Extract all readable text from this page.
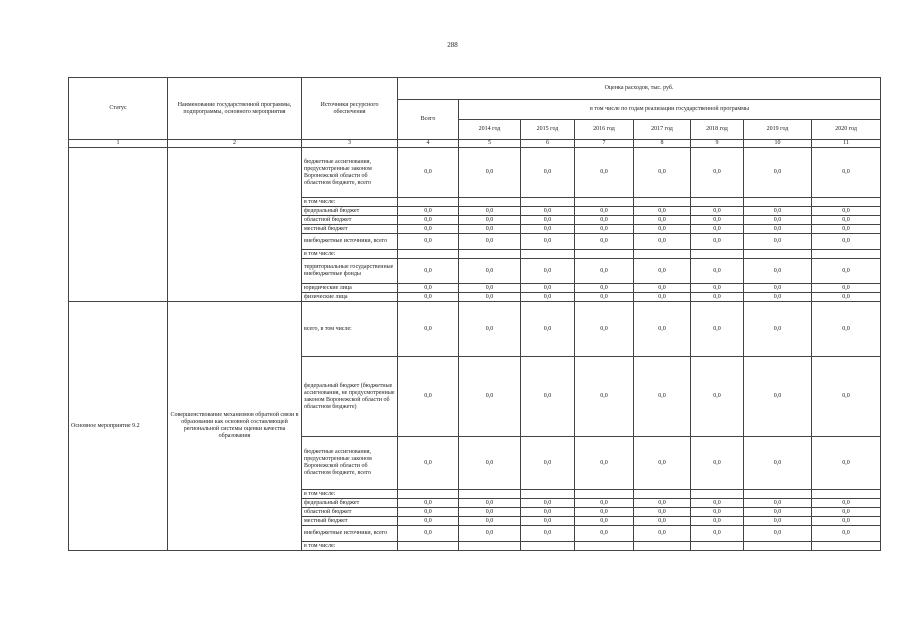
288
Статус	Наименование государственной программы, подпрограммы, основного мероприятия	Источники ресурсного обеспечения	Оценка расходов, тыс. руб.							
			Всего	в том числе по годам реализации государственной программы						
				2014 год	2015 год	2016 год	2017 год	2018 год	2019 год	2020 год
1	2	3	4	5	6	7	8	9	10	11
		бюджетные ассигнования, предусмотренные законом Воронежской области об областном бюджете, всего	0,0	0,0	0,0	0,0	0,0	0,0	0,0	0,0
		в том числе:								
		федеральный бюджет	0,0	0,0	0,0	0,0	0,0	0,0	0,0	0,0
		областной бюджет	0,0	0,0	0,0	0,0	0,0	0,0	0,0	0,0
		местный бюджет	0,0	0,0	0,0	0,0	0,0	0,0	0,0	0,0
		внебюджетные источники, всего	0,0	0,0	0,0	0,0	0,0	0,0	0,0	0,0
		в том числе:								
		территориальные государственные внебюджетные фонды	0,0	0,0	0,0	0,0	0,0	0,0	0,0	0,0
		юридические лица	0,0	0,0	0,0	0,0	0,0	0,0	0,0	0,0
		физические лица	0,0	0,0	0,0	0,0	0,0	0,0	0,0	0,0
Основное мероприятие 9.2	Совершенствование механизмов обратной связи в образовании как основной составляющей региональной системы оценки качества образования	всего, в том числе:	0,0	0,0	0,0	0,0	0,0	0,0	0,0	0,0
		федеральный бюджет (бюджетные ассигнования, не предусмотренные законом Воронежской области об областном бюджете)	0,0	0,0	0,0	0,0	0,0	0,0	0,0	0,0
		бюджетные ассигнования, предусмотренные законом Воронежской области об областном бюджете, всего	0,0	0,0	0,0	0,0	0,0	0,0	0,0	0,0
		в том числе:								
		федеральный бюджет	0,0	0,0	0,0	0,0	0,0	0,0	0,0	0,0
		областной бюджет	0,0	0,0	0,0	0,0	0,0	0,0	0,0	0,0
		местный бюджет	0,0	0,0	0,0	0,0	0,0	0,0	0,0	0,0
		внебюджетные источники, всего	0,0	0,0	0,0	0,0	0,0	0,0	0,0	0,0
		в том числе:								
